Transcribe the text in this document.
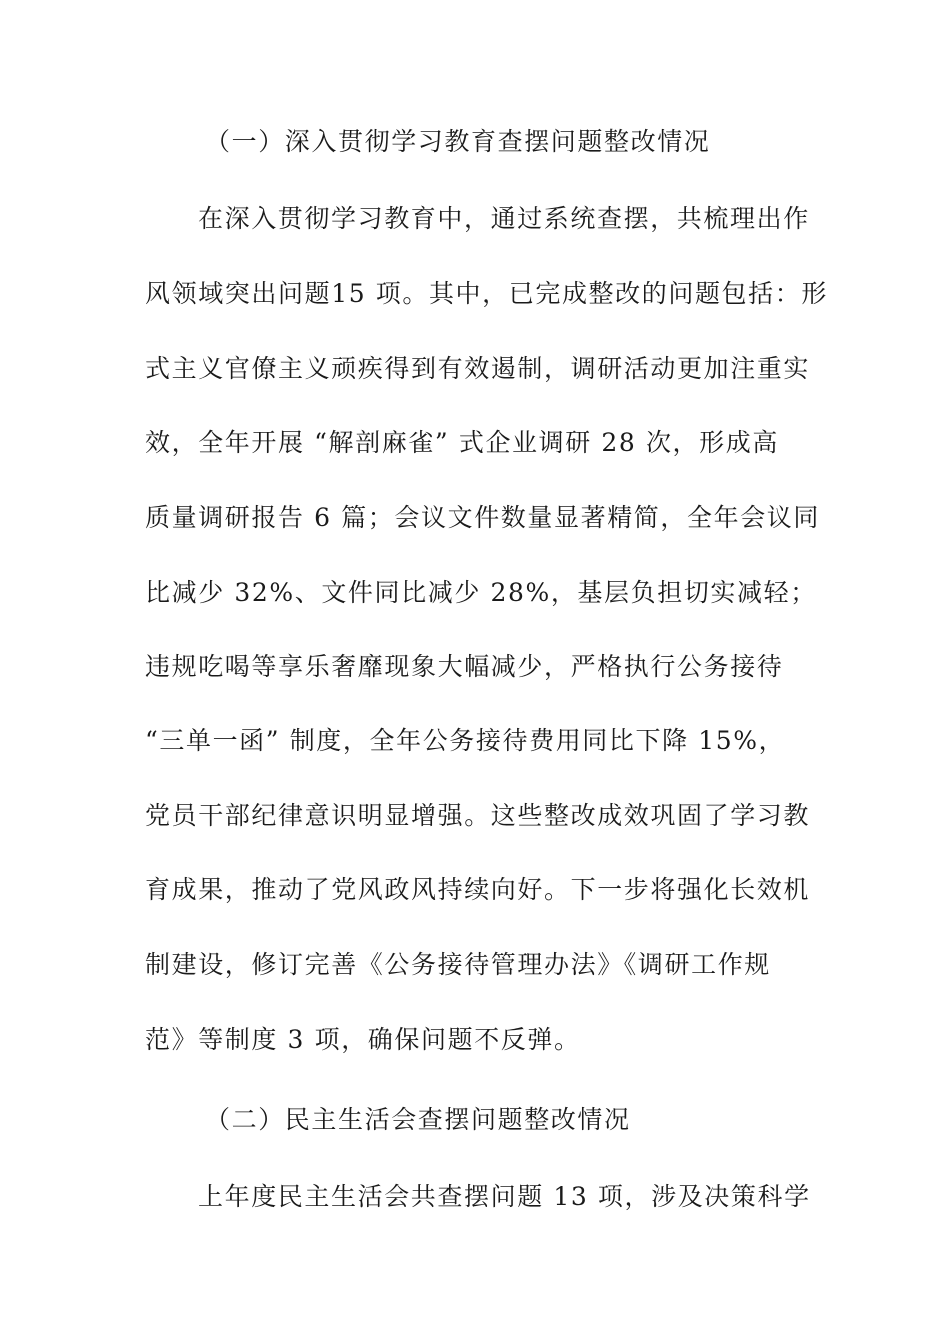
（一）深入贯彻学习教育查摆问题整改情况
在深入贯彻学习教育中，通过系统查摆，共梳理出作
风领域突出问题15 项。其中，已完成整改的问题包括：形
式主义官僚主义顽疾得到有效遏制，调研活动更加注重实
效，全年开展 “解剖麻雀” 式企业调研 28 次，形成高
质量调研报告 6 篇；会议文件数量显著精简，全年会议同
比减少 32%、文件同比减少 28%，基层负担切实减轻；
违规吃喝等享乐奢靡现象大幅减少，严格执行公务接待
“三单一函” 制度，全年公务接待费用同比下降 15%，
党员干部纪律意识明显增强。这些整改成效巩固了学习教
育成果，推动了党风政风持续向好。下一步将强化长效机
制建设，修订完善《公务接待管理办法》《调研工作规
范》等制度 3 项，确保问题不反弹。
（二）民主生活会查摆问题整改情况
上年度民主生活会共查摆问题 13 项，涉及决策科学
